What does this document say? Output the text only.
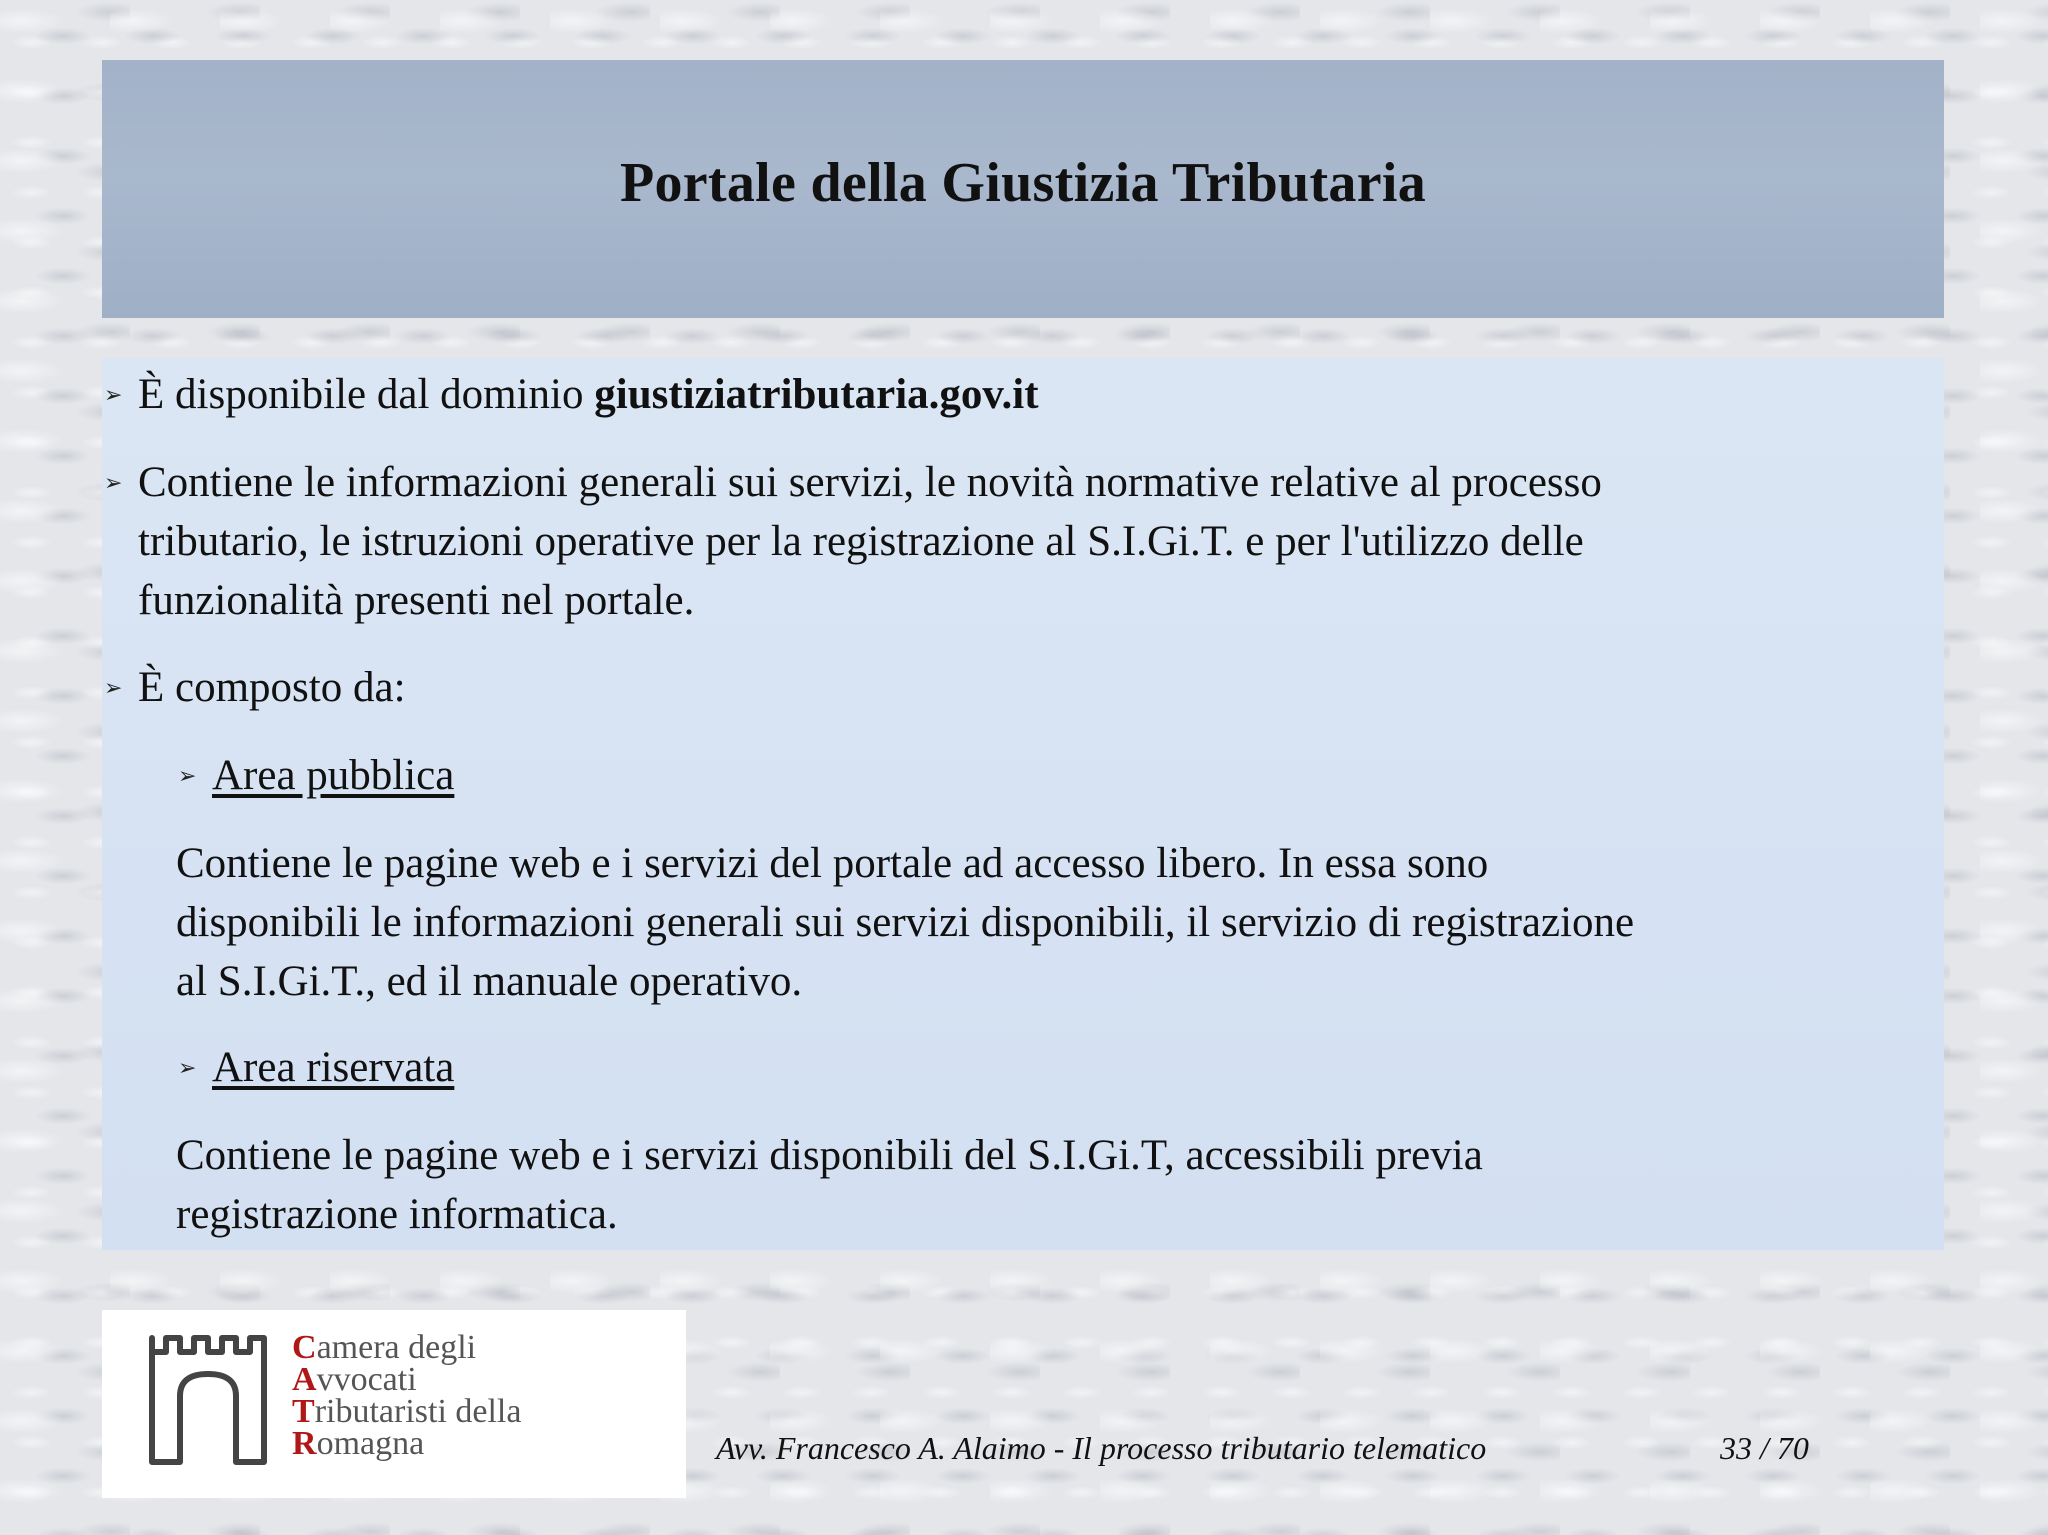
Portale della Giustizia Tributaria
➢ È disponibile dal dominio giustiziatributaria.gov.it
➢ Contiene le informazioni generali sui servizi, le novità normative relative al processo
tributario, le istruzioni operative per la registrazione al S.I.Gi.T. e per l'utilizzo delle
funzionalità presenti nel portale.
➢ È composto da:
➢ Area pubblica
Contiene le pagine web e i servizi del portale ad accesso libero. In essa sono
disponibili le informazioni generali sui servizi disponibili, il servizio di registrazione
al S.I.Gi.T., ed il manuale operativo.
➢ Area riservata
Contiene le pagine web e i servizi disponibili del S.I.Gi.T, accessibili previa
registrazione informatica.
Camera degli
Avvocati
Tributaristi della
Romagna	Avv. Francesco A. Alaimo - Il processo tributario telematico	33 / 70
